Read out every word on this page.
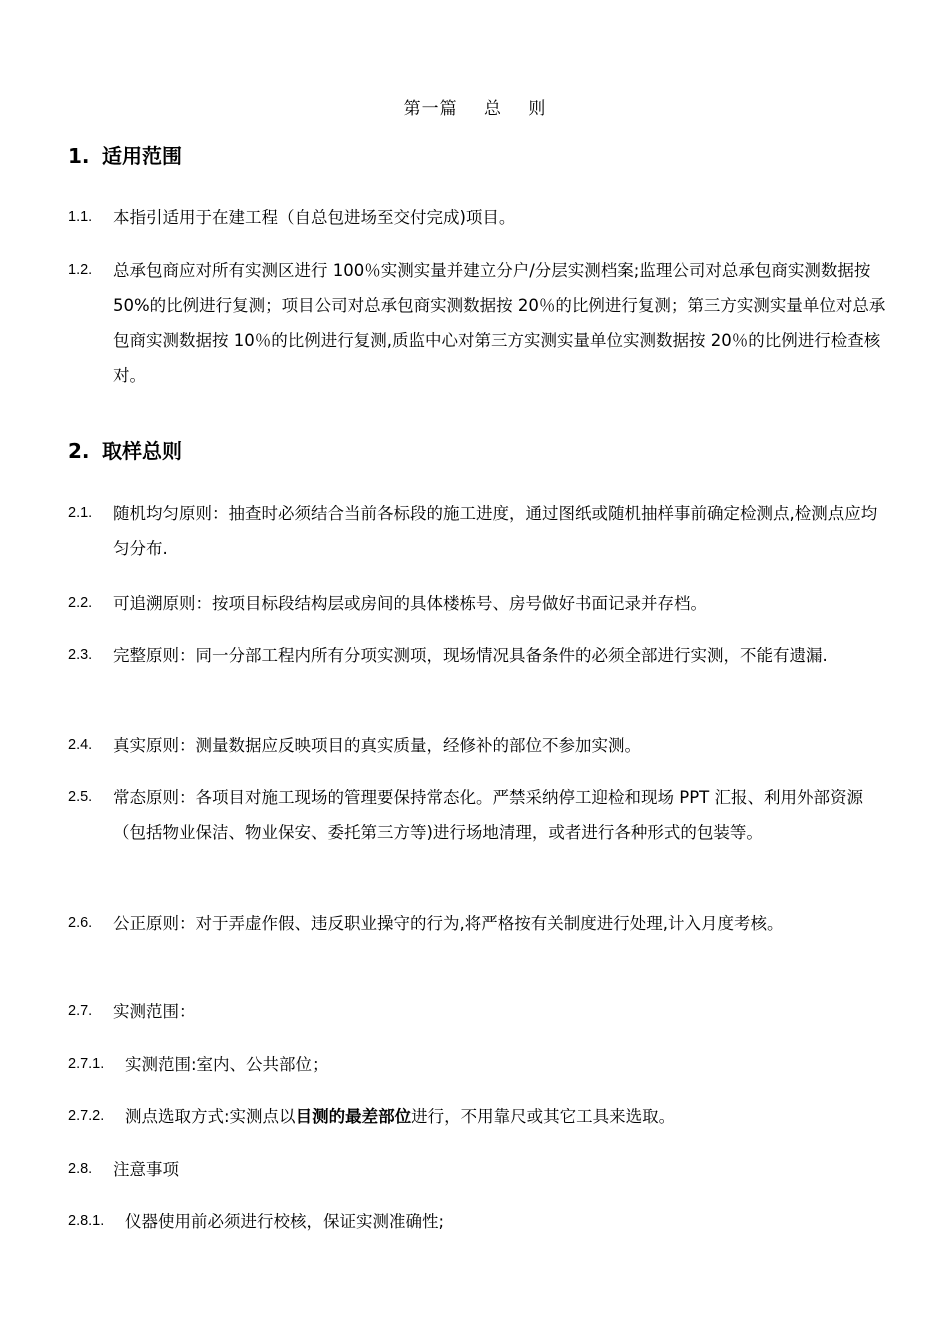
第一篇 总 则
1. 适用范围
1.1. 本指引适用于在建工程（自总包进场至交付完成)项目。
1.2. 总承包商应对所有实测区进行 100％实测实量并建立分户/分层实测档案;监理公司对总承包商实测数据按 50%的比例进行复测；项目公司对总承包商实测数据按 20％的比例进行复测；第三方实测实量单位对总承包商实测数据按 10％的比例进行复测,质监中心对第三方实测实量单位实测数据按 20％的比例进行检查核对。
2. 取样总则
2.1. 随机均匀原则：抽查时必须结合当前各标段的施工进度，通过图纸或随机抽样事前确定检测点,检测点应均匀分布.
2.2. 可追溯原则：按项目标段结构层或房间的具体楼栋号、房号做好书面记录并存档。
2.3. 完整原则：同一分部工程内所有分项实测项，现场情况具备条件的必须全部进行实测，不能有遗漏.
2.4. 真实原则：测量数据应反映项目的真实质量，经修补的部位不参加实测。
2.5. 常态原则：各项目对施工现场的管理要保持常态化。严禁采纳停工迎检和现场 PPT 汇报、利用外部资源（包括物业保洁、物业保安、委托第三方等)进行场地清理，或者进行各种形式的包装等。
2.6. 公正原则：对于弄虚作假、违反职业操守的行为,将严格按有关制度进行处理,计入月度考核。
2.7. 实测范围：
2.7.1. 实测范围:室内、公共部位；
2.7.2. 测点选取方式:实测点以目测的最差部位进行，不用靠尺或其它工具来选取。
2.8. 注意事项
2.8.1. 仪器使用前必须进行校核，保证实测准确性;
